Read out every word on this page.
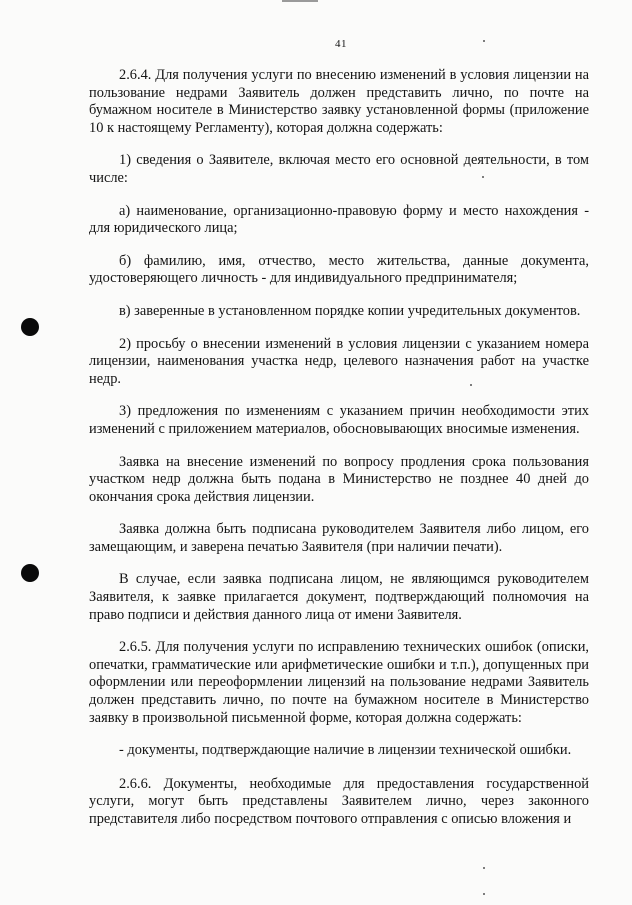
41

2.6.4. Для получения услуги по внесению изменений в условия лицензии на пользование недрами Заявитель должен представить лично, по почте на бумажном носителе в Министерство заявку установленной формы (приложение 10 к настоящему Регламенту), которая должна содержать:

1) сведения о Заявителе, включая место его основной деятельности, в том числе:

а) наименование, организационно-правовую форму и место нахождения - для юридического лица;

б) фамилию, имя, отчество, место жительства, данные документа, удостоверяющего личность - для индивидуального предпринимателя;

в) заверенные в установленном порядке копии учредительных документов.

2) просьбу о внесении изменений в условия лицензии с указанием номера лицензии, наименования участка недр, целевого назначения работ на участке недр.

3) предложения по изменениям с указанием причин необходимости этих изменений с приложением материалов, обосновывающих вносимые изменения.

Заявка на внесение изменений по вопросу продления срока пользования участком недр должна быть подана в Министерство не позднее 40 дней до окончания срока действия лицензии.

Заявка должна быть подписана руководителем Заявителя либо лицом, его замещающим, и заверена печатью Заявителя (при наличии печати).

В случае, если заявка подписана лицом, не являющимся руководителем Заявителя, к заявке прилагается документ, подтверждающий полномочия на право подписи и действия данного лица от имени Заявителя.

2.6.5. Для получения услуги по исправлению технических ошибок (описки, опечатки, грамматические или арифметические ошибки и т.п.), допущенных при оформлении или переоформлении лицензий на пользование недрами Заявитель должен представить лично, по почте на бумажном носителе в Министерство заявку в произвольной письменной форме, которая должна содержать:

- документы, подтверждающие наличие в лицензии технической ошибки.

2.6.6. Документы, необходимые для предоставления государственной услуги, могут быть представлены Заявителем лично, через законного представителя либо посредством почтового отправления с описью вложения и
